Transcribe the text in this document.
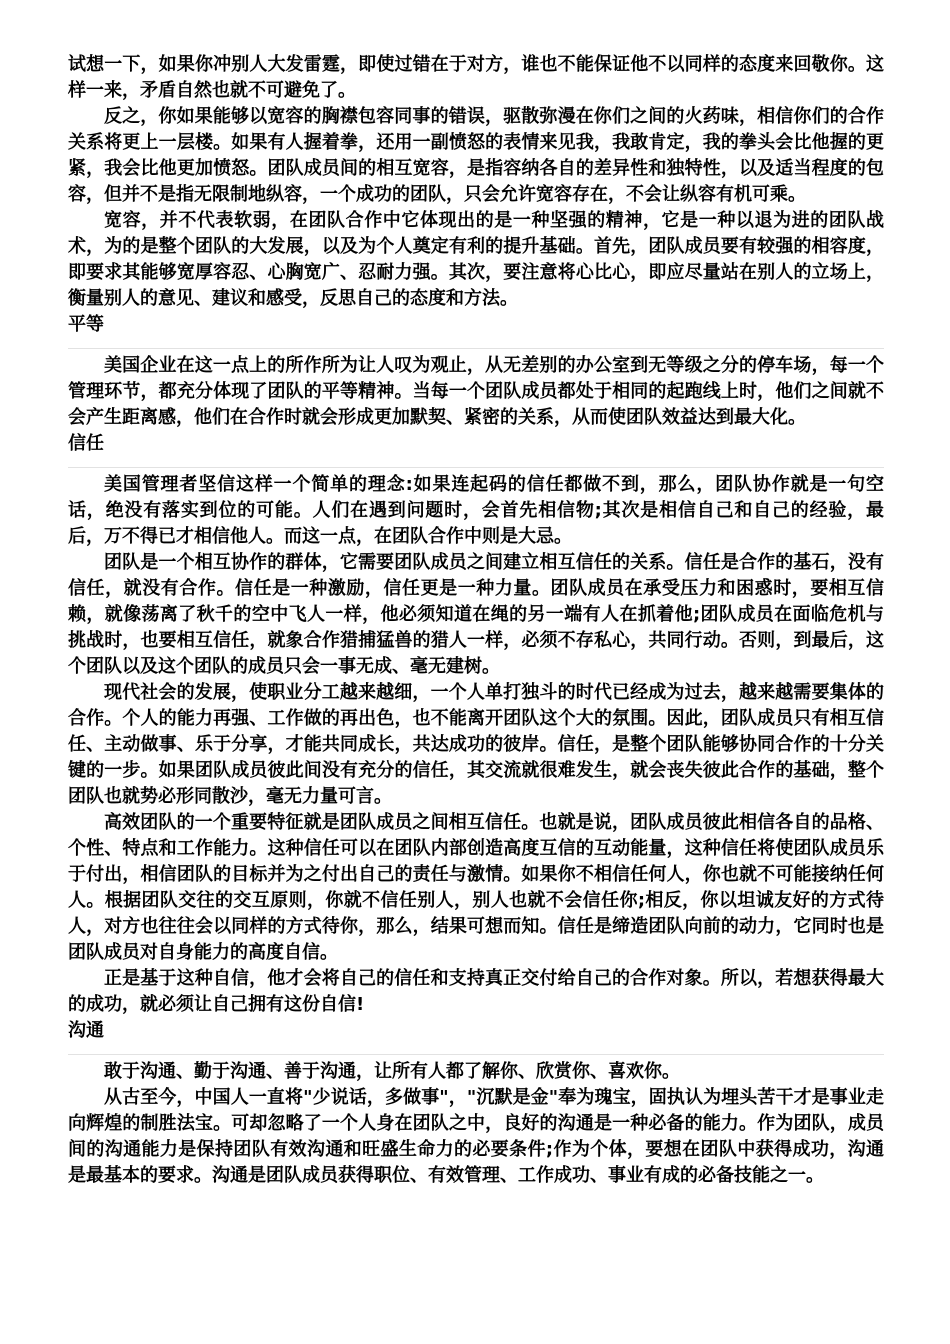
试想一下，如果你冲别人大发雷霆，即使过错在于对方，谁也不能保证他不以同样的态度来回敬你。这样一来，矛盾自然也就不可避免了。

反之，你如果能够以宽容的胸襟包容同事的错误，驱散弥漫在你们之间的火药味，相信你们的合作关系将更上一层楼。如果有人握着拳，还用一副愤怒的表情来见我，我敢肯定，我的拳头会比他握的更紧，我会比他更加愤怒。团队成员间的相互宽容，是指容纳各自的差异性和独特性，以及适当程度的包容，但并不是指无限制地纵容，一个成功的团队，只会允许宽容存在，不会让纵容有机可乘。

宽容，并不代表软弱，在团队合作中它体现出的是一种坚强的精神，它是一种以退为进的团队战术，为的是整个团队的大发展，以及为个人奠定有利的提升基础。首先，团队成员要有较强的相容度，即要求其能够宽厚容忍、心胸宽广、忍耐力强。其次，要注意将心比心，即应尽量站在别人的立场上，衡量别人的意见、建议和感受，反思自己的态度和方法。

平等

美国企业在这一点上的所作所为让人叹为观止，从无差别的办公室到无等级之分的停车场，每一个管理环节，都充分体现了团队的平等精神。当每一个团队成员都处于相同的起跑线上时，他们之间就不会产生距离感，他们在合作时就会形成更加默契、紧密的关系，从而使团队效益达到最大化。

信任

美国管理者坚信这样一个简单的理念:如果连起码的信任都做不到，那么，团队协作就是一句空话，绝没有落实到位的可能。人们在遇到问题时，会首先相信物;其次是相信自己和自己的经验，最后，万不得已才相信他人。而这一点，在团队合作中则是大忌。

团队是一个相互协作的群体，它需要团队成员之间建立相互信任的关系。信任是合作的基石，没有信任，就没有合作。信任是一种激励，信任更是一种力量。团队成员在承受压力和困惑时，要相互信赖，就像荡离了秋千的空中飞人一样，他必须知道在绳的另一端有人在抓着他;团队成员在面临危机与挑战时，也要相互信任，就象合作猎捕猛兽的猎人一样，必须不存私心，共同行动。否则，到最后，这个团队以及这个团队的成员只会一事无成、毫无建树。

现代社会的发展，使职业分工越来越细，一个人单打独斗的时代已经成为过去，越来越需要集体的合作。个人的能力再强、工作做的再出色，也不能离开团队这个大的氛围。因此，团队成员只有相互信任、主动做事、乐于分享，才能共同成长，共达成功的彼岸。信任，是整个团队能够协同合作的十分关键的一步。如果团队成员彼此间没有充分的信任，其交流就很难发生，就会丧失彼此合作的基础，整个团队也就势必形同散沙，毫无力量可言。

高效团队的一个重要特征就是团队成员之间相互信任。也就是说，团队成员彼此相信各自的品格、个性、特点和工作能力。这种信任可以在团队内部创造高度互信的互动能量，这种信任将使团队成员乐于付出，相信团队的目标并为之付出自己的责任与激情。如果你不相信任何人，你也就不可能接纳任何人。根据团队交往的交互原则，你就不信任别人，别人也就不会信任你;相反，你以坦诚友好的方式待人，对方也往往会以同样的方式待你，那么，结果可想而知。信任是缔造团队向前的动力，它同时也是团队成员对自身能力的高度自信。

正是基于这种自信，他才会将自己的信任和支持真正交付给自己的合作对象。所以，若想获得最大的成功，就必须让自己拥有这份自信!

沟通

敢于沟通、勤于沟通、善于沟通，让所有人都了解你、欣赏你、喜欢你。

从古至今，中国人一直将"少说话，多做事"，"沉默是金"奉为瑰宝，固执认为埋头苦干才是事业走向辉煌的制胜法宝。可却忽略了一个人身在团队之中，良好的沟通是一种必备的能力。作为团队，成员间的沟通能力是保持团队有效沟通和旺盛生命力的必要条件;作为个体，要想在团队中获得成功，沟通是最基本的要求。沟通是团队成员获得职位、有效管理、工作成功、事业有成的必备技能之一。
